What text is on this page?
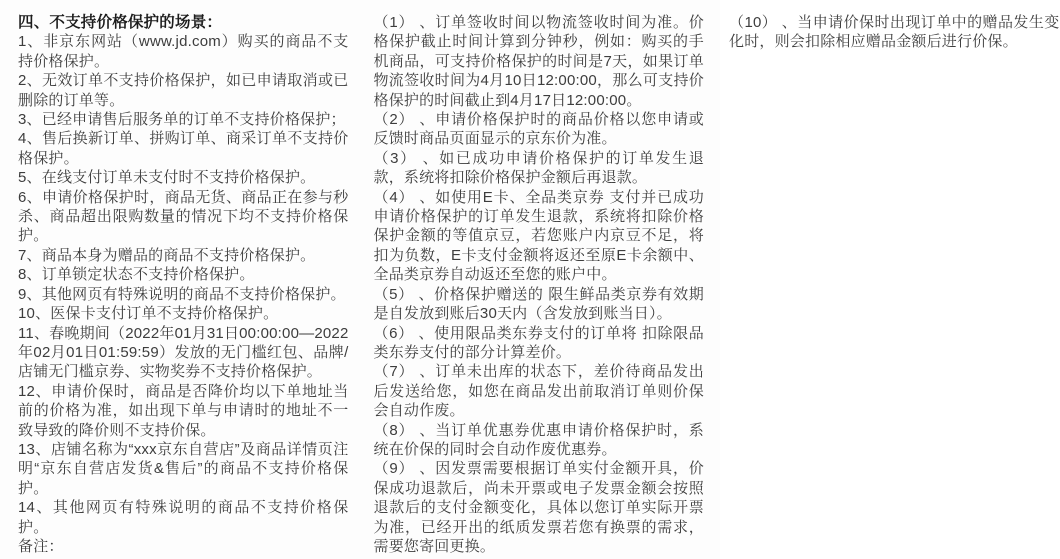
四、不支持价格保护的场景：

1、非京东网站（www.jd.com）购买的商品不支持价格保护。

2、无效订单不支持价格保护，如已申请取消或已删除的订单等。

3、已经申请售后服务单的订单不支持价格保护；

4、售后换新订单、拼购订单、商采订单不支持价格保护。

5、在线支付订单未支付时不支持价格保护。

6、申请价格保护时，商品无货、商品正在参与秒杀、商品超出限购数量的情况下均不支持价格保护。

7、商品本身为赠品的商品不支持价格保护。

8、订单锁定状态不支持价格保护。

9、其他网页有特殊说明的商品不支持价格保护。

10、医保卡支付订单不支持价格保护。

11、春晚期间（2022年01月31日00:00:00—2022年02月01日01:59:59）发放的无门槛红包、品牌/店铺无门槛京券、实物奖券不支持价格保护。

12、申请价保时，商品是否降价均以下单地址当前的价格为准，如出现下单与申请时的地址不一致导致的降价则不支持价保。

13、店铺名称为“xxx京东自营店”及商品详情页注明“京东自营店发货&售后”的商品不支持价格保护。

14、其他网页有特殊说明的商品不支持价格保护。

备注：

（1） 、订单签收时间以物流签收时间为准。价格保护截止时间计算到分钟秒，例如：购买的手机商品，可支持价格保护的时间是7天，如果订单物流签收时间为4月10日12:00:00，那么可支持价格保护的时间截止到4月17日12:00:00。

（2） 、申请价格保护时的商品价格以您申请或反馈时商品页面显示的京东价为准。

（3） 、如已成功申请价格保护的订单发生退款，系统将扣除价格保护金额后再退款。

（4） 、如使用E卡、全品类京券 支付并已成功申请价格保护的订单发生退款，系统将扣除价格保护金额的等值京豆，若您账户内京豆不足，将扣为负数，E卡支付金额将返还至原E卡余额中、全品类京券自动返还至您的账户中。

（5） 、价格保护赠送的 限生鲜品类京券有效期是自发放到账后30天内（含发放到账当日）。

（6） 、使用限品类东券支付的订单将 扣除限品类东券支付的部分计算差价。

（7） 、订单未出库的状态下，差价待商品发出后发送给您，如您在商品发出前取消订单则价保会自动作废。

（8） 、当订单优惠券优惠申请价格保护时，系统在价保的同时会自动作废优惠券。

（9） 、因发票需要根据订单实付金额开具，价保成功退款后，尚未开票或电子发票金额会按照退款后的支付金额变化，具体以您订单实际开票为准，已经开出的纸质发票若您有换票的需求，需要您寄回更换。

（10） 、当申请价保时出现订单中的赠品发生变化时，则会扣除相应赠品金额后进行价保。
